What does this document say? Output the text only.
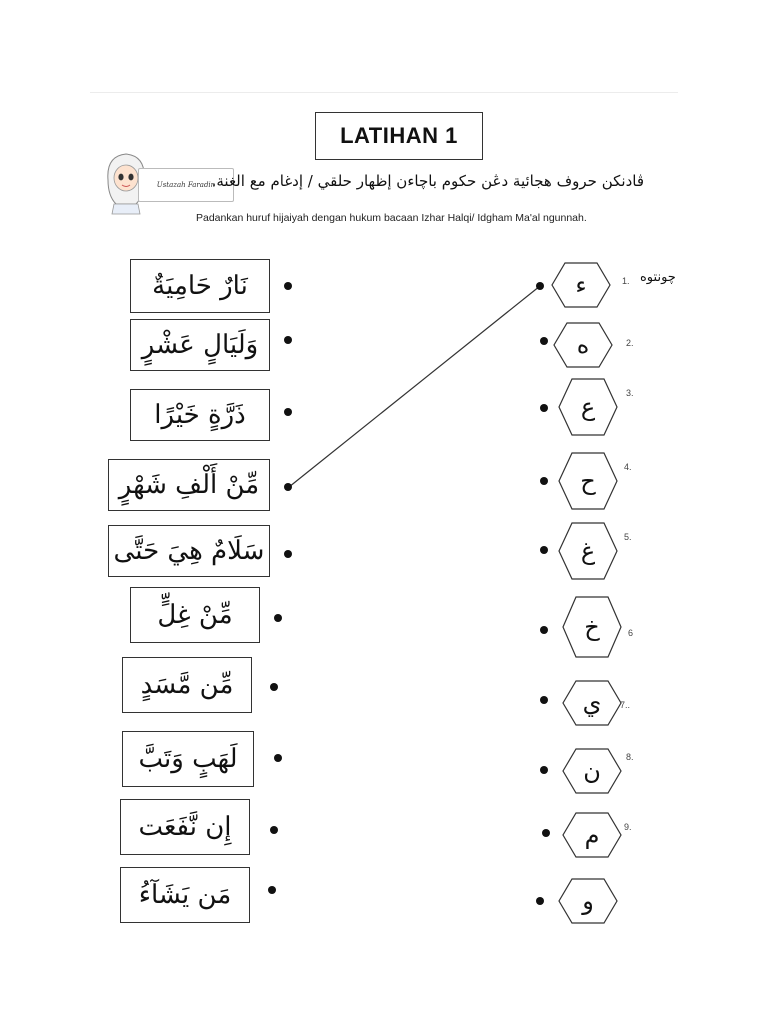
LATIHAN 1
Ustazah Faradin
ڤادنكن حروف هجائية دڠن حكوم باچاءن إظهار حلقي / إدغام مع الغنة.
Padankan huruf hijaiyah dengan hukum bacaan Izhar Halqi/ Idgham Ma'al ngunnah.
نَارٌ حَامِيَةٌ
وَلَيَالٍ عَشْرٍ
ذَرَّةٍ خَيْرًا
مِّنْ أَلْفِ شَهْرٍ
سَلَامٌ هِيَ حَتَّى
مِّنْ غِلٍّ
مِّن مَّسَدٍ
لَهَبٍ وَتَبَّ
إِن نَّفَعَت
مَن يَشَآءُ
چونتوه
ء	1.
ه	2.
ع	3.
ح	4.
غ	5.
خ	6
ي	7..
ن	8.
م	9.
و
